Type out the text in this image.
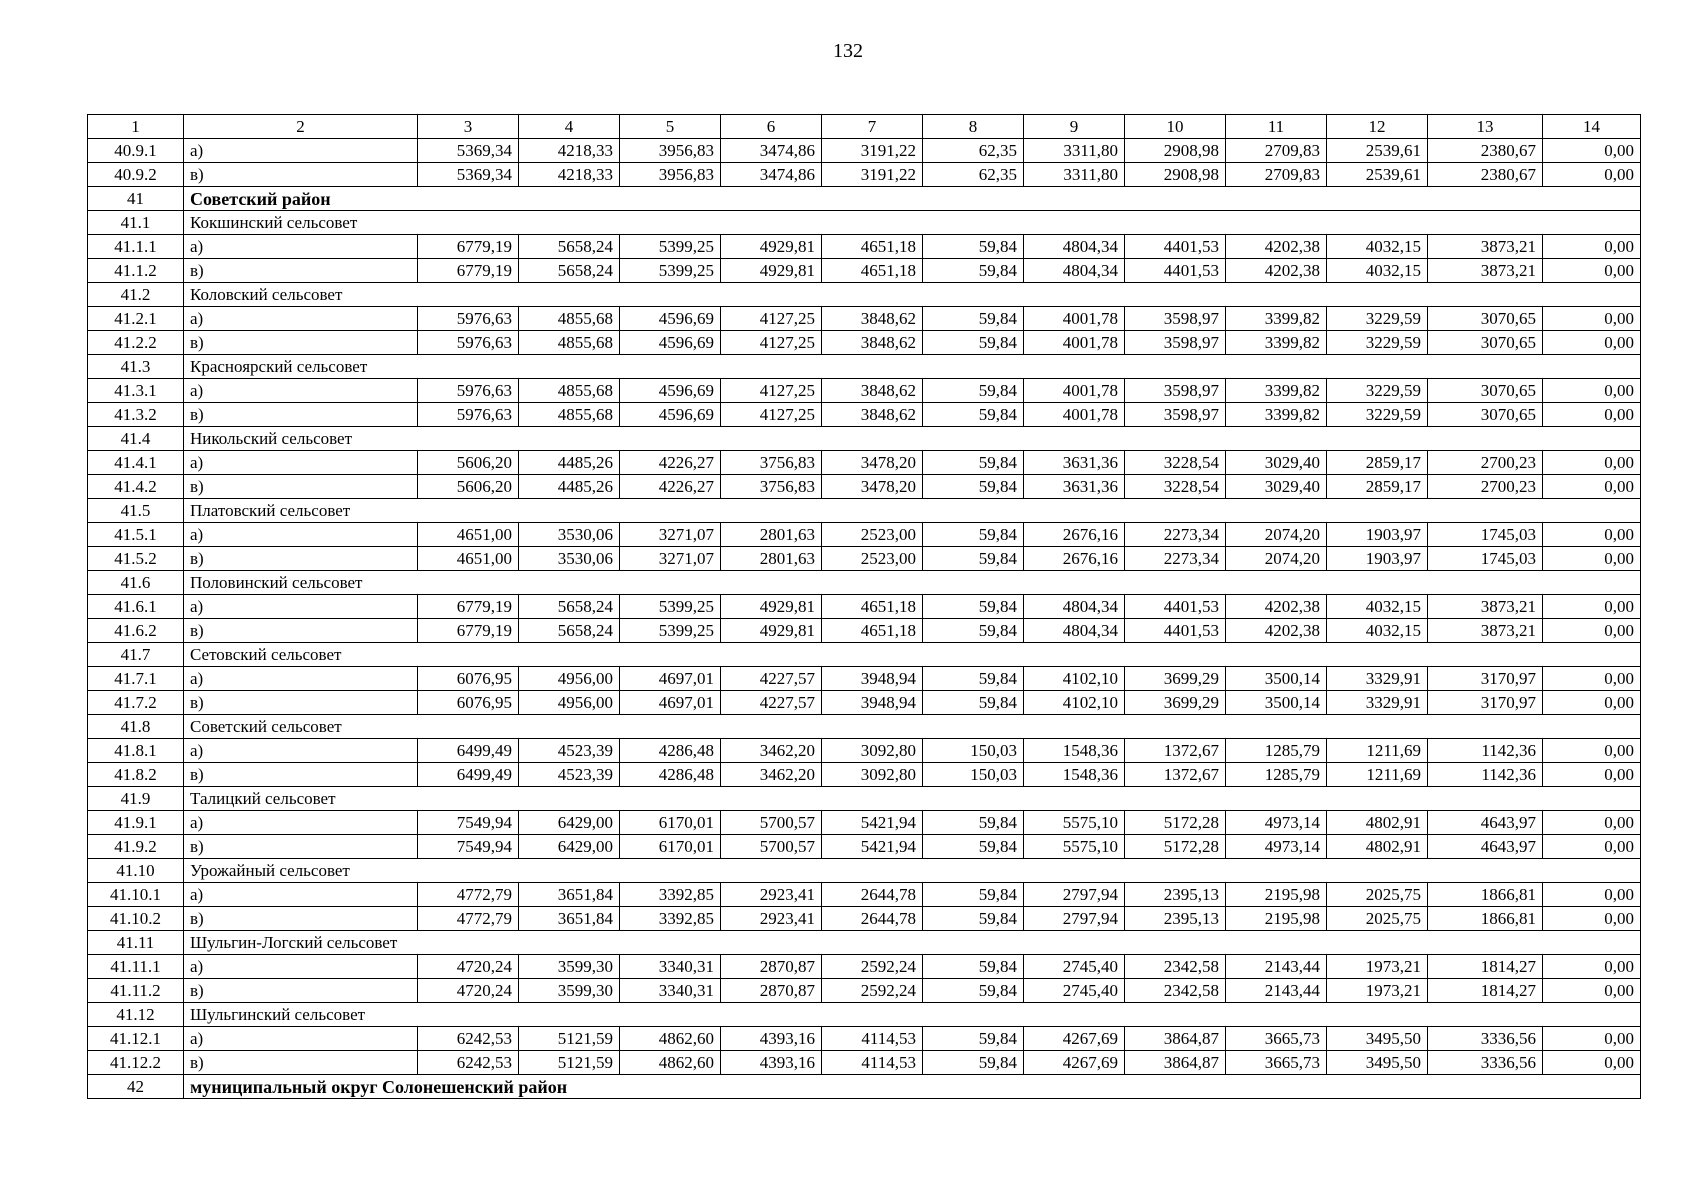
132
1	2	3	4	5	6	7	8	9	10	11	12	13	14
40.9.1	а)	5369,34	4218,33	3956,83	3474,86	3191,22	62,35	3311,80	2908,98	2709,83	2539,61	2380,67	0,00
40.9.2	в)	5369,34	4218,33	3956,83	3474,86	3191,22	62,35	3311,80	2908,98	2709,83	2539,61	2380,67	0,00
41	Советский район												
41.1	Кокшинский сельсовет												
41.1.1	а)	6779,19	5658,24	5399,25	4929,81	4651,18	59,84	4804,34	4401,53	4202,38	4032,15	3873,21	0,00
41.1.2	в)	6779,19	5658,24	5399,25	4929,81	4651,18	59,84	4804,34	4401,53	4202,38	4032,15	3873,21	0,00
41.2	Коловский сельсовет												
41.2.1	а)	5976,63	4855,68	4596,69	4127,25	3848,62	59,84	4001,78	3598,97	3399,82	3229,59	3070,65	0,00
41.2.2	в)	5976,63	4855,68	4596,69	4127,25	3848,62	59,84	4001,78	3598,97	3399,82	3229,59	3070,65	0,00
41.3	Красноярский сельсовет												
41.3.1	а)	5976,63	4855,68	4596,69	4127,25	3848,62	59,84	4001,78	3598,97	3399,82	3229,59	3070,65	0,00
41.3.2	в)	5976,63	4855,68	4596,69	4127,25	3848,62	59,84	4001,78	3598,97	3399,82	3229,59	3070,65	0,00
41.4	Никольский сельсовет												
41.4.1	а)	5606,20	4485,26	4226,27	3756,83	3478,20	59,84	3631,36	3228,54	3029,40	2859,17	2700,23	0,00
41.4.2	в)	5606,20	4485,26	4226,27	3756,83	3478,20	59,84	3631,36	3228,54	3029,40	2859,17	2700,23	0,00
41.5	Платовский сельсовет												
41.5.1	а)	4651,00	3530,06	3271,07	2801,63	2523,00	59,84	2676,16	2273,34	2074,20	1903,97	1745,03	0,00
41.5.2	в)	4651,00	3530,06	3271,07	2801,63	2523,00	59,84	2676,16	2273,34	2074,20	1903,97	1745,03	0,00
41.6	Половинский сельсовет												
41.6.1	а)	6779,19	5658,24	5399,25	4929,81	4651,18	59,84	4804,34	4401,53	4202,38	4032,15	3873,21	0,00
41.6.2	в)	6779,19	5658,24	5399,25	4929,81	4651,18	59,84	4804,34	4401,53	4202,38	4032,15	3873,21	0,00
41.7	Сетовский сельсовет												
41.7.1	а)	6076,95	4956,00	4697,01	4227,57	3948,94	59,84	4102,10	3699,29	3500,14	3329,91	3170,97	0,00
41.7.2	в)	6076,95	4956,00	4697,01	4227,57	3948,94	59,84	4102,10	3699,29	3500,14	3329,91	3170,97	0,00
41.8	Советский сельсовет												
41.8.1	а)	6499,49	4523,39	4286,48	3462,20	3092,80	150,03	1548,36	1372,67	1285,79	1211,69	1142,36	0,00
41.8.2	в)	6499,49	4523,39	4286,48	3462,20	3092,80	150,03	1548,36	1372,67	1285,79	1211,69	1142,36	0,00
41.9	Талицкий сельсовет												
41.9.1	а)	7549,94	6429,00	6170,01	5700,57	5421,94	59,84	5575,10	5172,28	4973,14	4802,91	4643,97	0,00
41.9.2	в)	7549,94	6429,00	6170,01	5700,57	5421,94	59,84	5575,10	5172,28	4973,14	4802,91	4643,97	0,00
41.10	Урожайный сельсовет												
41.10.1	а)	4772,79	3651,84	3392,85	2923,41	2644,78	59,84	2797,94	2395,13	2195,98	2025,75	1866,81	0,00
41.10.2	в)	4772,79	3651,84	3392,85	2923,41	2644,78	59,84	2797,94	2395,13	2195,98	2025,75	1866,81	0,00
41.11	Шульгин-Логский сельсовет												
41.11.1	а)	4720,24	3599,30	3340,31	2870,87	2592,24	59,84	2745,40	2342,58	2143,44	1973,21	1814,27	0,00
41.11.2	в)	4720,24	3599,30	3340,31	2870,87	2592,24	59,84	2745,40	2342,58	2143,44	1973,21	1814,27	0,00
41.12	Шульгинский сельсовет												
41.12.1	а)	6242,53	5121,59	4862,60	4393,16	4114,53	59,84	4267,69	3864,87	3665,73	3495,50	3336,56	0,00
41.12.2	в)	6242,53	5121,59	4862,60	4393,16	4114,53	59,84	4267,69	3864,87	3665,73	3495,50	3336,56	0,00
42	муниципальный округ Солонешенский район												
